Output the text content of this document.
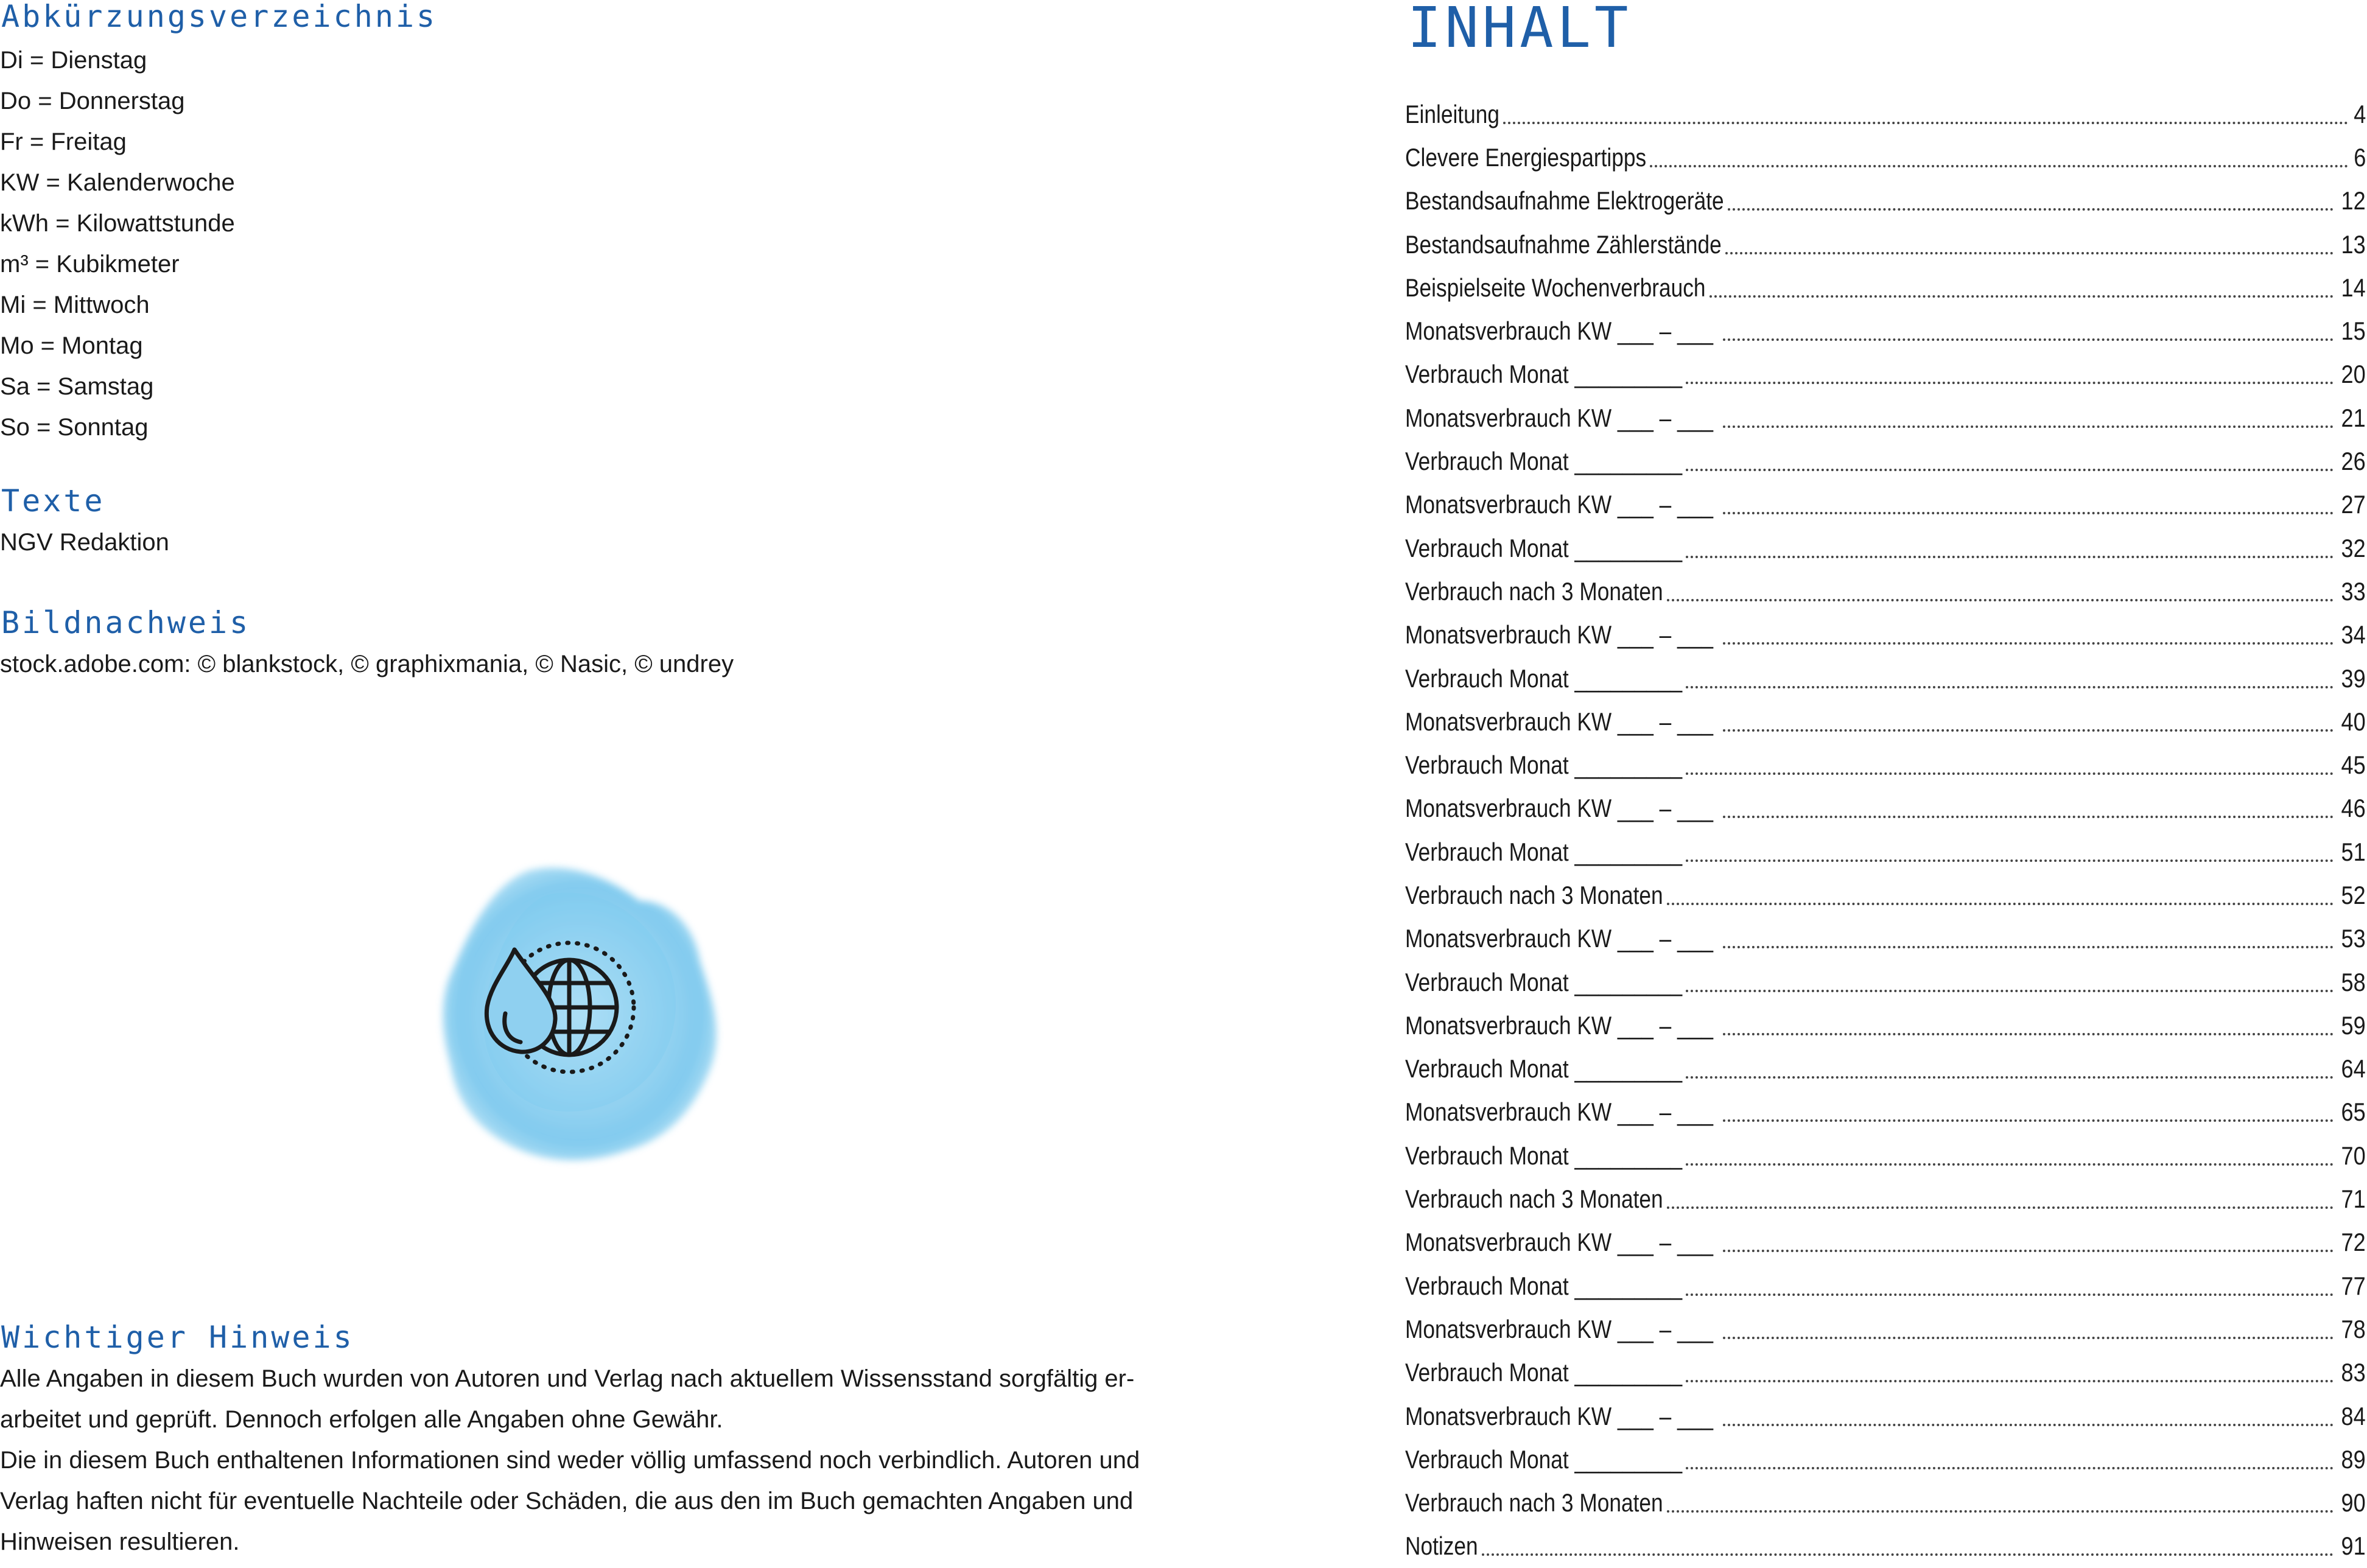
Abkürzungsverzeichnis
Di = Dienstag
Do = Donnerstag
Fr = Freitag
KW = Kalenderwoche
kWh = Kilowattstunde
m³ = Kubikmeter
Mi = Mittwoch
Mo = Montag
Sa = Samstag
So = Sonntag
Texte
NGV Redaktion
Bildnachweis
stock.adobe.com: © blankstock, © graphixmania, © Nasic, © undrey
Wichtiger Hinweis
Alle Angaben in diesem Buch wurden von Autoren und Verlag nach aktuellem Wissensstand sorgfältig er-
arbeitet und geprüft. Dennoch erfolgen alle Angaben ohne Gewähr.
Die in diesem Buch enthaltenen Informationen sind weder völlig umfassend noch verbindlich. Autoren und
Verlag haften nicht für eventuelle Nachteile oder Schäden, die aus den im Buch gemachten Angaben und
Hinweisen resultieren.
INHALT
Einleitung	4
Clevere Energiespartipps	6
Bestandsaufnahme Elektrogeräte	12
Bestandsaufnahme Zählerstände	13
Beispielseite Wochenverbrauch	14
Monatsverbrauch KW ___ – ___	15
Verbrauch Monat _________	20
Monatsverbrauch KW ___ – ___	21
Verbrauch Monat _________	26
Monatsverbrauch KW ___ – ___	27
Verbrauch Monat _________	32
Verbrauch nach 3 Monaten	33
Monatsverbrauch KW ___ – ___	34
Verbrauch Monat _________	39
Monatsverbrauch KW ___ – ___	40
Verbrauch Monat _________	45
Monatsverbrauch KW ___ – ___	46
Verbrauch Monat _________	51
Verbrauch nach 3 Monaten	52
Monatsverbrauch KW ___ – ___	53
Verbrauch Monat _________	58
Monatsverbrauch KW ___ – ___	59
Verbrauch Monat _________	64
Monatsverbrauch KW ___ – ___	65
Verbrauch Monat _________	70
Verbrauch nach 3 Monaten	71
Monatsverbrauch KW ___ – ___	72
Verbrauch Monat _________	77
Monatsverbrauch KW ___ – ___	78
Verbrauch Monat _________	83
Monatsverbrauch KW ___ – ___	84
Verbrauch Monat _________	89
Verbrauch nach 3 Monaten	90
Notizen	91
